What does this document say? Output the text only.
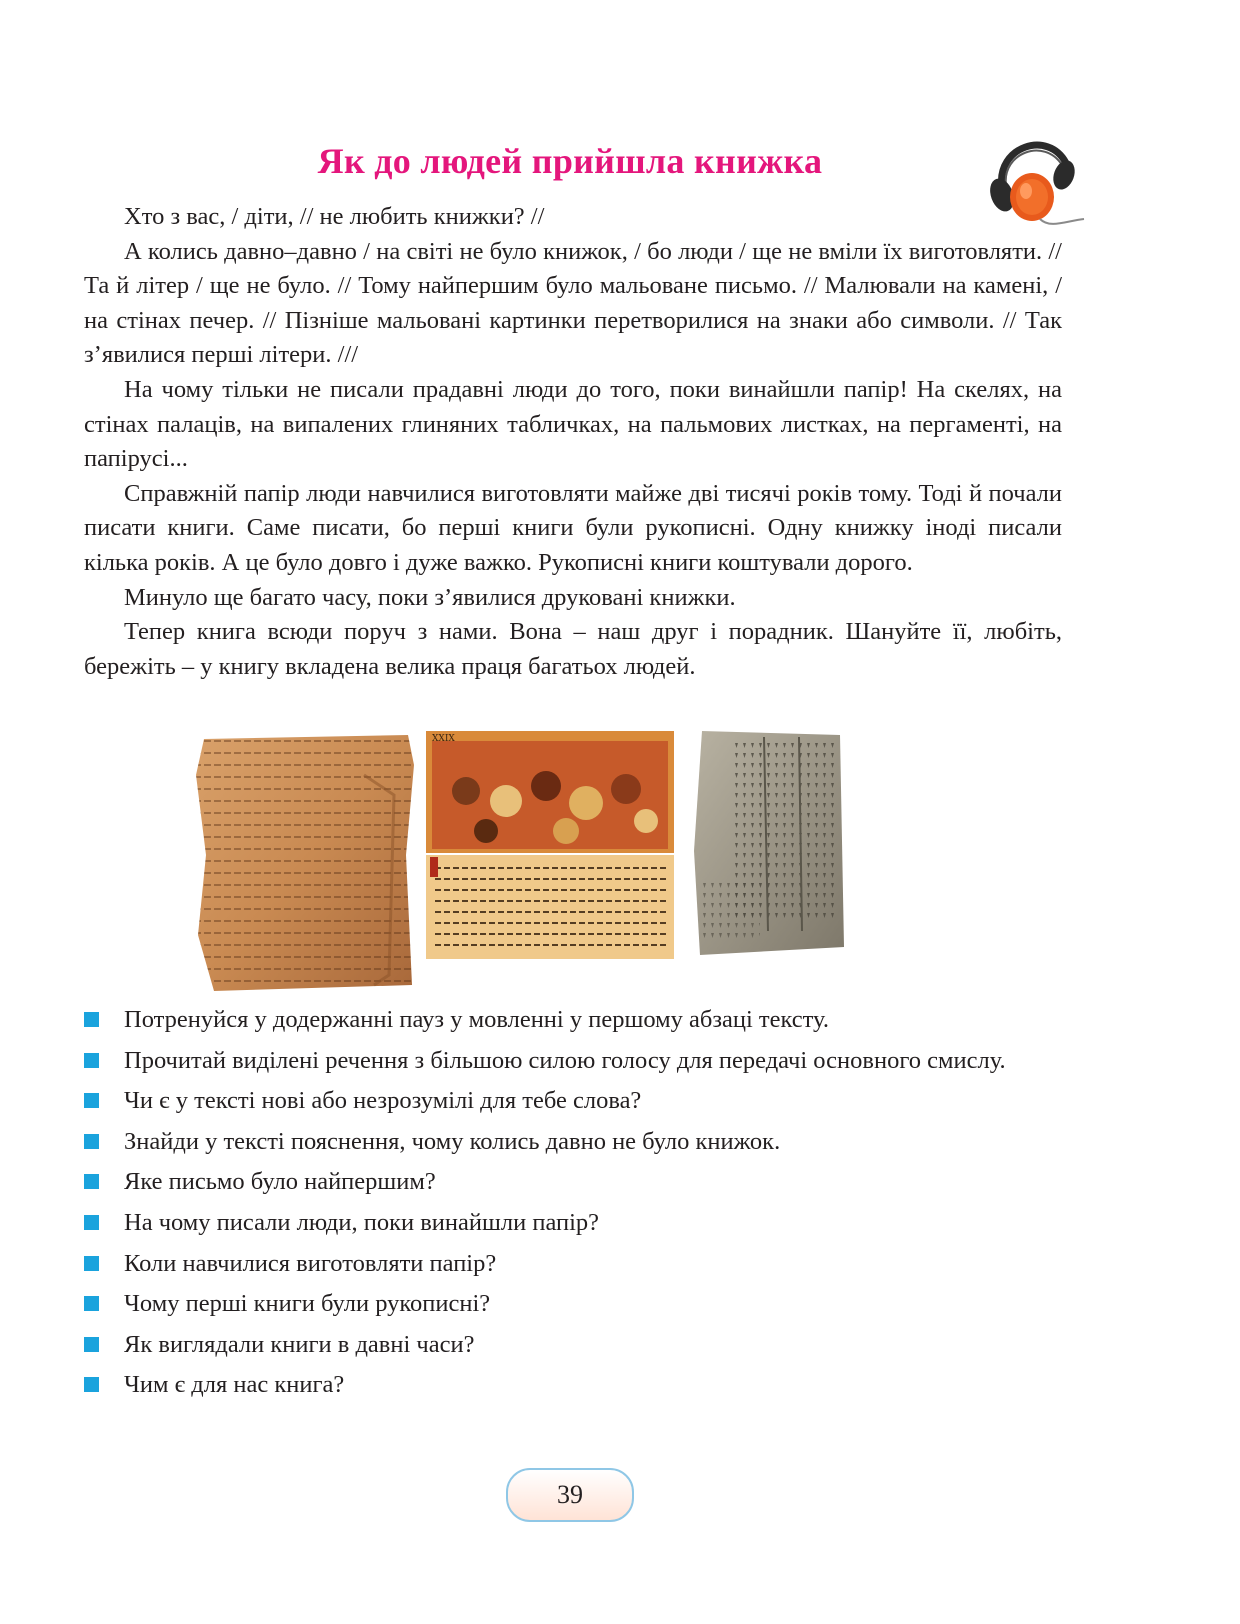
Як до людей прийшла книжка

Хто з вас, / діти, // не любить книжки? //

А колись давно–давно / на світі не було книжок, / бо люди / ще не вміли їх виготовляти. // Та й літер / ще не було. // Тому найпершим було мальоване письмо. // Малювали на камені, / на стінах печер. // Пізніше мальовані картинки перетворилися на знаки або символи. // Так з’явилися перші літери. ///

На чому тільки не писали прадавні люди до того, поки винайшли папір! На скелях, на стінах палаців, на випалених глиняних табличках, на пальмових листках, на пергаменті, на папірусі...

Справжній папір люди навчилися виготовляти майже дві тисячі років тому. Тоді й почали писати книги. Саме писати, бо перші книги були рукописні. Одну книжку іноді писали кілька років. А це було довго і дуже важко. Рукописні книги коштували дорого.

Минуло ще багато часу, поки з’явилися друковані книжки.

Тепер книга всюди поруч з нами. Вона – наш друг і порадник. Шануйте її, любіть, бережіть – у книгу вкладена велика праця багатьох людей.

XXIX
Потренуйся у додержанні пауз у мовленні у першому абзаці тексту.
Прочитай виділені речення з більшою силою голосу для передачі основного смислу.
Чи є у тексті нові або незрозумілі для тебе слова?
Знайди у тексті пояснення, чому колись давно не було книжок.
Яке письмо було найпершим?
На чому писали люди, поки винайшли папір?
Коли навчилися виготовляти папір?
Чому перші книги були рукописні?
Як виглядали книги в давні часи?
Чим є для нас книга?
39
